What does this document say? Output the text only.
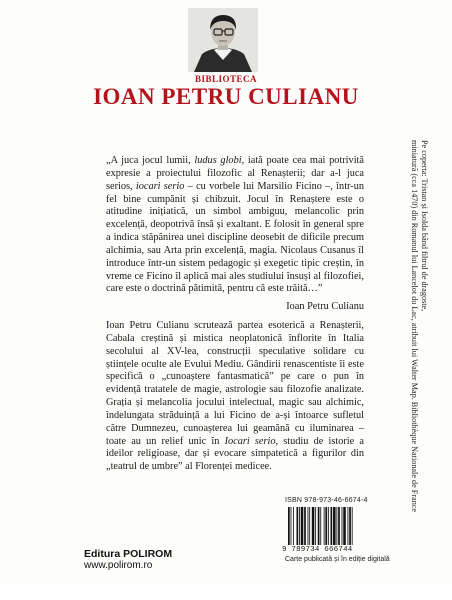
BIBLIOTECA
IOAN PETRU CULIANU
„A juca jocul lumii, ludus globi, iată poate cea mai potrivită expresie a proiectului filozofic al Renașterii; dar a-l juca serios, iocari serio – cu vorbele lui Marsilio Ficino –, într-un fel bine cumpănit și chibzuit. Jocul în Renaștere este o atitudine inițiatică, un simbol ambiguu, melancolic prin excelență, deopotrivă însă și exaltant. E folosit în general spre a indica stăpânirea unei discipline deosebit de dificile precum alchimia, sau Arta prin excelență, magia. Nicolaus Cusanus îl introduce într-un sistem pedagogic și exegetic tipic creștin, în vreme ce Ficino îl aplică mai ales studiului însuși al filozofiei, care este o doctrină pătimită, pentru că este trăită…”
Ioan Petru Culianu
Ioan Petru Culianu scrutează partea esoterică a Renașterii, Cabala creștină și mistica neoplatonică înflorite în Italia secolului al XV-lea, construcții speculative solidare cu științele oculte ale Evului Mediu. Gândirii renascentiste îi este specifică o „cunoaștere fantasmatică” pe care o pun în evidență tratatele de magie, astrologie sau filozofie analizate. Grația și melancolia jocului intelectual, magic sau alchimic, îndelungata străduință a lui Ficino de a-și întoarce sufletul către Dumnezeu, cunoașterea lui geamănă cu iluminarea – toate au un relief unic în Iocari serio, studiu de istorie a ideilor religioase, dar și evocare simpatetică a figurilor din „teatrul de umbre” al Florenței medicee.
Pe coperta: Tristan și Isolda bând filtrul de dragoste,
miniatură (cca 1470) din Romanul lui Lancelot du Lac, atribuit lui Walter Map. Bibliothèque Nationale de France
ISBN 978-973-46-6674-4
9 789734 666744
Carte publicată și în ediție digitală
Editura POLIROM
www.polirom.ro
